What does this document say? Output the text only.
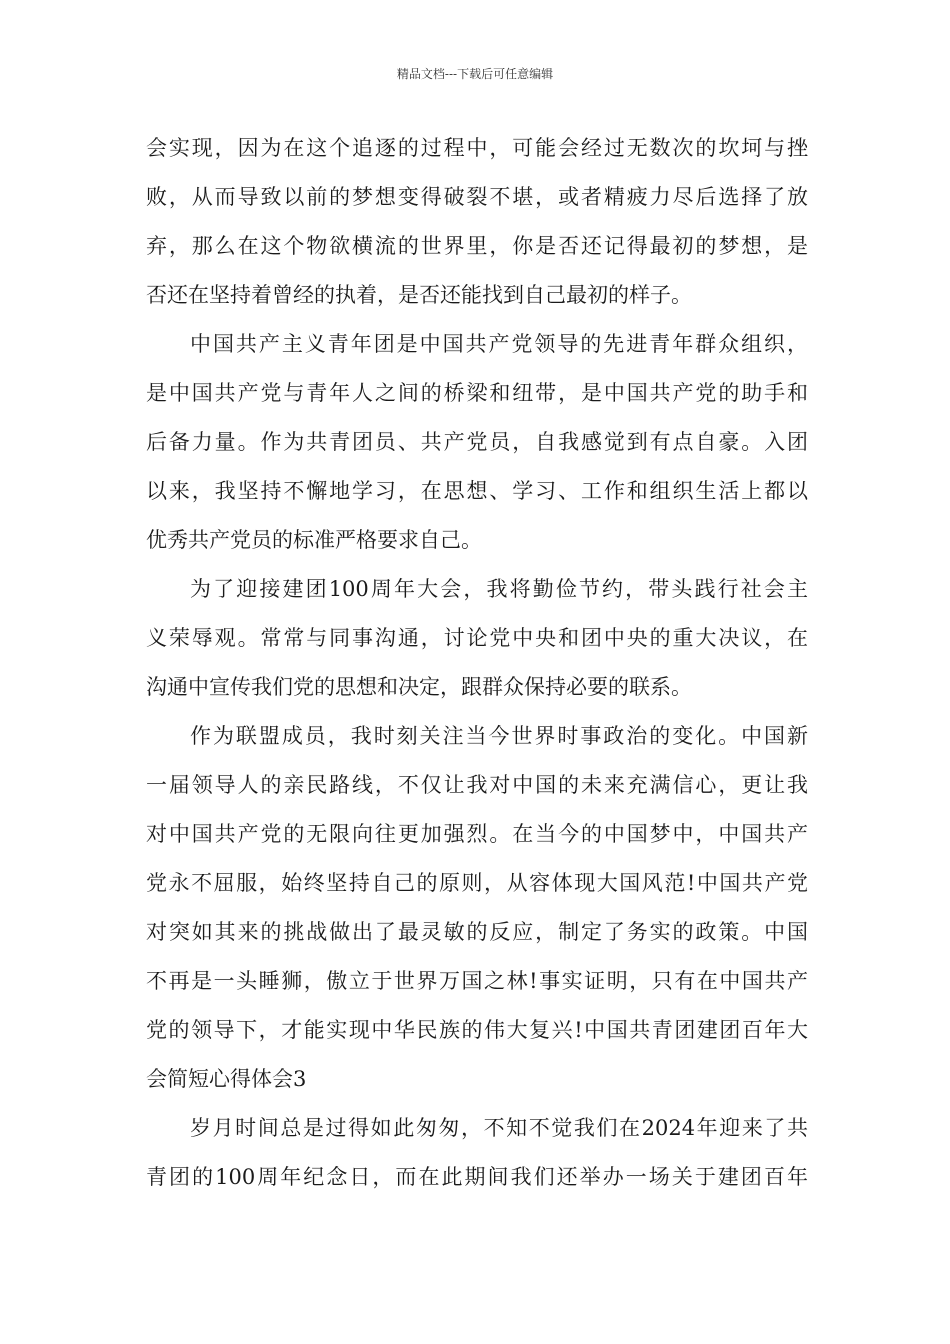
精品文档---下载后可任意编辑
会实现，因为在这个追逐的过程中，可能会经过无数次的坎坷与挫
败，从而导致以前的梦想变得破裂不堪，或者精疲力尽后选择了放
弃，那么在这个物欲横流的世界里，你是否还记得最初的梦想，是
否还在坚持着曾经的执着，是否还能找到自己最初的样子。
中国共产主义青年团是中国共产党领导的先进青年群众组织，
是中国共产党与青年人之间的桥梁和纽带，是中国共产党的助手和
后备力量。作为共青团员、共产党员，自我感觉到有点自豪。入团
以来，我坚持不懈地学习，在思想、学习、工作和组织生活上都以
优秀共产党员的标准严格要求自己。
为了迎接建团100周年大会，我将勤俭节约，带头践行社会主
义荣辱观。常常与同事沟通，讨论党中央和团中央的重大决议，在
沟通中宣传我们党的思想和决定，跟群众保持必要的联系。
作为联盟成员，我时刻关注当今世界时事政治的变化。中国新
一届领导人的亲民路线，不仅让我对中国的未来充满信心，更让我
对中国共产党的无限向往更加强烈。在当今的中国梦中，中国共产
党永不屈服，始终坚持自己的原则，从容体现大国风范!中国共产党
对突如其来的挑战做出了最灵敏的反应，制定了务实的政策。中国
不再是一头睡狮，傲立于世界万国之林!事实证明，只有在中国共产
党的领导下，才能实现中华民族的伟大复兴!中国共青团建团百年大
会简短心得体会3
岁月时间总是过得如此匆匆，不知不觉我们在2024年迎来了共
青团的100周年纪念日，而在此期间我们还举办一场关于建团百年
